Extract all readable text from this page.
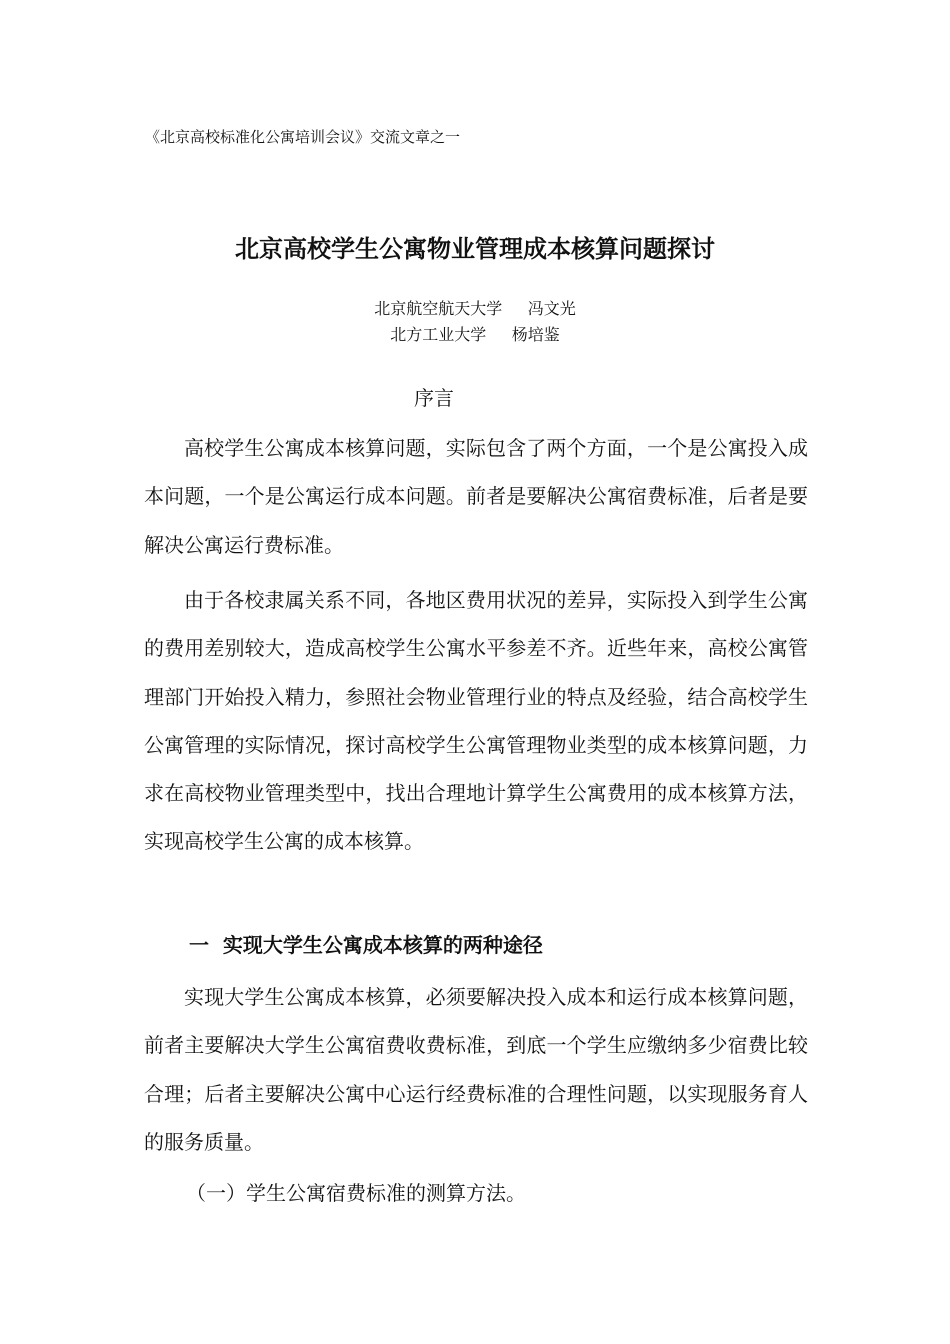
《北京高校标准化公寓培训会议》交流文章之一
北京高校学生公寓物业管理成本核算问题探讨
北京航空航天大学 冯文光
北方工业大学 杨培鉴
序言

高校学生公寓成本核算问题，实际包含了两个方面，一个是公寓投入成本问题，一个是公寓运行成本问题。前者是要解决公寓宿费标准，后者是要解决公寓运行费标准。

由于各校隶属关系不同，各地区费用状况的差异，实际投入到学生公寓的费用差别较大，造成高校学生公寓水平参差不齐。近些年来，高校公寓管理部门开始投入精力，参照社会物业管理行业的特点及经验，结合高校学生公寓管理的实际情况，探讨高校学生公寓管理物业类型的成本核算问题，力求在高校物业管理类型中，找出合理地计算学生公寓费用的成本核算方法，实现高校学生公寓的成本核算。

一  实现大学生公寓成本核算的两种途径

实现大学生公寓成本核算，必须要解决投入成本和运行成本核算问题，前者主要解决大学生公寓宿费收费标准，到底一个学生应缴纳多少宿费比较合理；后者主要解决公寓中心运行经费标准的合理性问题，以实现服务育人的服务质量。

（一）学生公寓宿费标准的测算方法。
